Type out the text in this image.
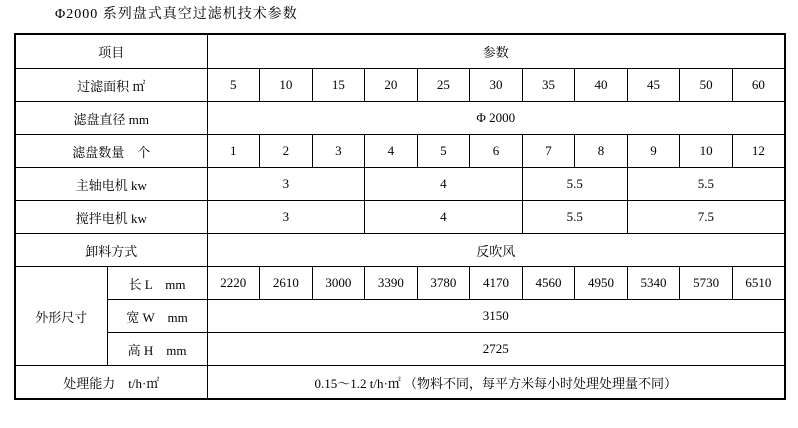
Φ2000 系列盘式真空过滤机技术参数
项目		参数										
过滤面积 ㎡		5	10	15	20	25	30	35	40	45	50	60
滤盘直径 mm		Φ 2000										
滤盘数量　个		1	2	3	4	5	6	7	8	9	10	12
主轴电机 kw		3			4			5.5		5.5		
搅拌电机 kw		3			4			5.5		7.5		
卸料方式		反吹风										
外形尺寸	长 L　mm	2220	2610	3000	3390	3780	4170	4560	4950	5340	5730	6510
	宽 W　mm	3150										
	高 H　mm	2725										
处理能力　t/h·㎡		0.15～1.2 t/h·㎡ （物料不同，每平方米每小时处理处理量不同）										
